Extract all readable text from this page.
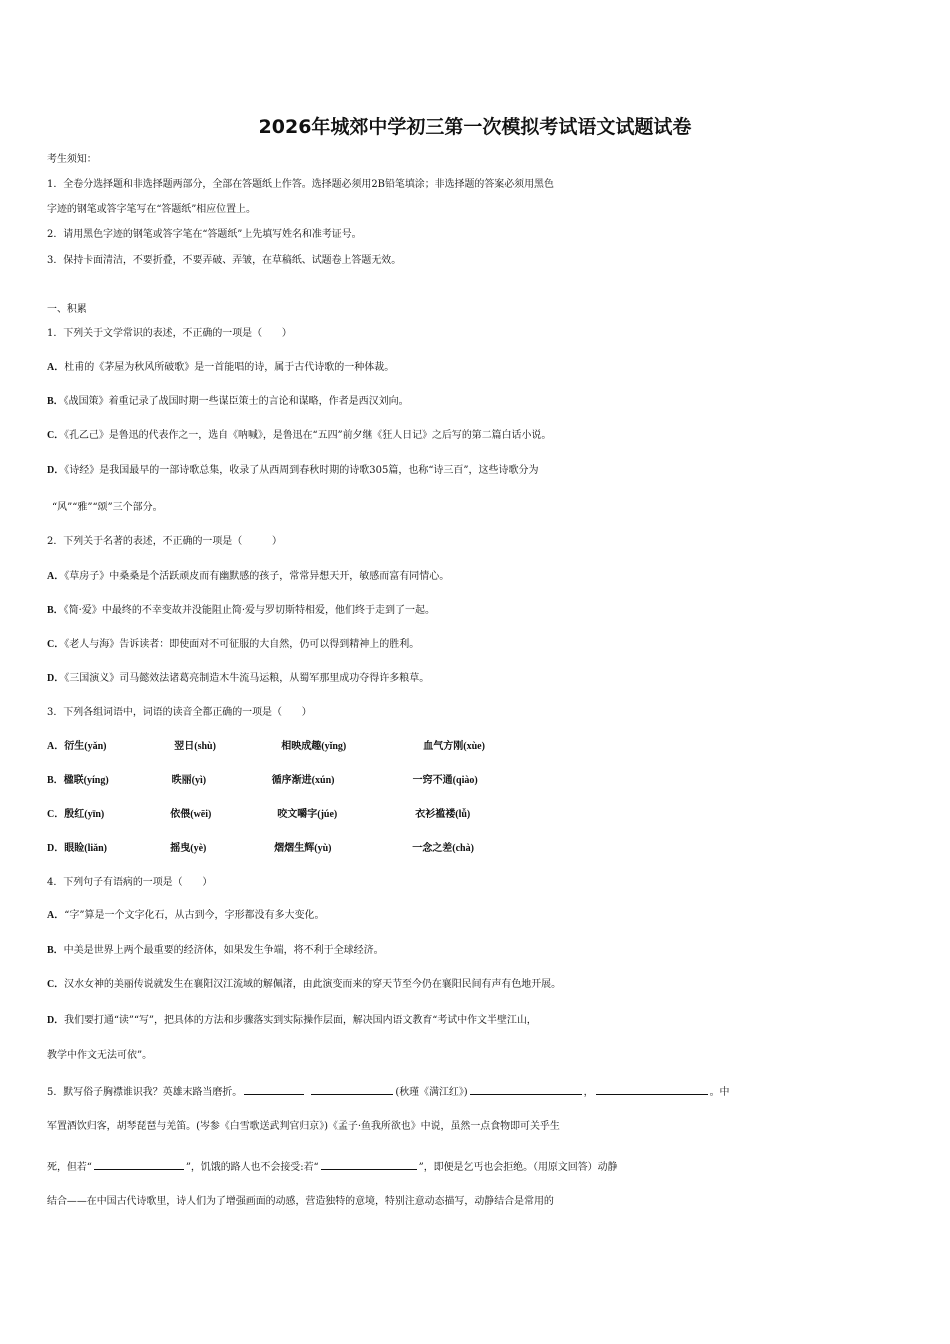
2026年城郊中学初三第一次模拟考试语文试题试卷
考生须知：
1．全卷分选择题和非选择题两部分，全部在答题纸上作答。选择题必须用2B铅笔填涂；非选择题的答案必须用黑色
字迹的钢笔或答字笔写在“答题纸”相应位置上。
2．请用黑色字迹的钢笔或答字笔在“答题纸”上先填写姓名和准考证号。
3．保持卡面清洁，不要折叠，不要弄破、弄皱，在草稿纸、试题卷上答题无效。
一、积累
1．下列关于文学常识的表述，不正确的一项是（　　）
A．杜甫的《茅屋为秋风所破歌》是一首能唱的诗，属于古代诗歌的一种体裁。
B．《战国策》着重记录了战国时期一些谋臣策士的言论和谋略，作者是西汉刘向。
C．《孔乙己》是鲁迅的代表作之一，选自《呐喊》，是鲁迅在“五四”前夕继《狂人日记》之后写的第二篇白话小说。
D．《诗经》是我国最早的一部诗歌总集，收录了从西周到春秋时期的诗歌305篇，也称“诗三百”，这些诗歌分为
“风”“雅”“颂”三个部分。
2．下列关于名著的表述，不正确的一项是（　　　）
A．《草房子》中桑桑是个活跃顽皮而有幽默感的孩子，常常异想天开，敏感而富有同情心。
B．《简·爱》中最终的不幸变故并没能阻止简·爱与罗切斯特相爱，他们终于走到了一起。
C．《老人与海》告诉读者：即使面对不可征服的大自然，仍可以得到精神上的胜利。
D．《三国演义》司马懿效法诸葛亮制造木牛流马运粮，从蜀军那里成功夺得许多粮草。
3．下列各组词语中，词语的读音全都正确的一项是（　　）
A．衍生(yǎn)	翌日(shù)	相映成趣(yǐng)	血气方刚(xùe)
B．楹联(yíng)	昳丽(yì)	循序渐进(xún)	一窍不通(qiào)
C．殷红(yīn)	依偎(wēi)	咬文嚼字(júe)	衣衫褴褛(lǚ)
D．眼睑(liǎn)	摇曳(yè)	熠熠生辉(yù)	一念之差(chà)
4．下列句子有语病的一项是（　　）
A．“字”算是一个文字化石，从古到今，字形都没有多大变化。
B．中美是世界上两个最重要的经济体，如果发生争端，将不利于全球经济。
C．汉水女神的美丽传说就发生在襄阳汉江流域的解佩渚，由此演变而来的穿天节至今仍在襄阳民间有声有色地开展。
D．我们要打通“读”“写”，把具体的方法和步骤落实到实际操作层面，解决国内语文教育“考试中作文半壁江山，
教学中作文无法可依”。
5．默写俗子胸襟谁识我？英雄末路当磨折。	(秋瑾《满江红》)	，	。中
军置酒饮归客，胡琴琵琶与羌笛。(岑参《白雪歌送武判官归京》)《孟子·鱼我所欲也》中说，虽然一点食物即可关乎生
死，但若“	”，饥饿的路人也不会接受:若“	”，即便是乞丐也会拒绝。（用原文回答）动静
结合——在中国古代诗歌里，诗人们为了增强画面的动感，营造独特的意境，特别注意动态描写，动静结合是常用的
